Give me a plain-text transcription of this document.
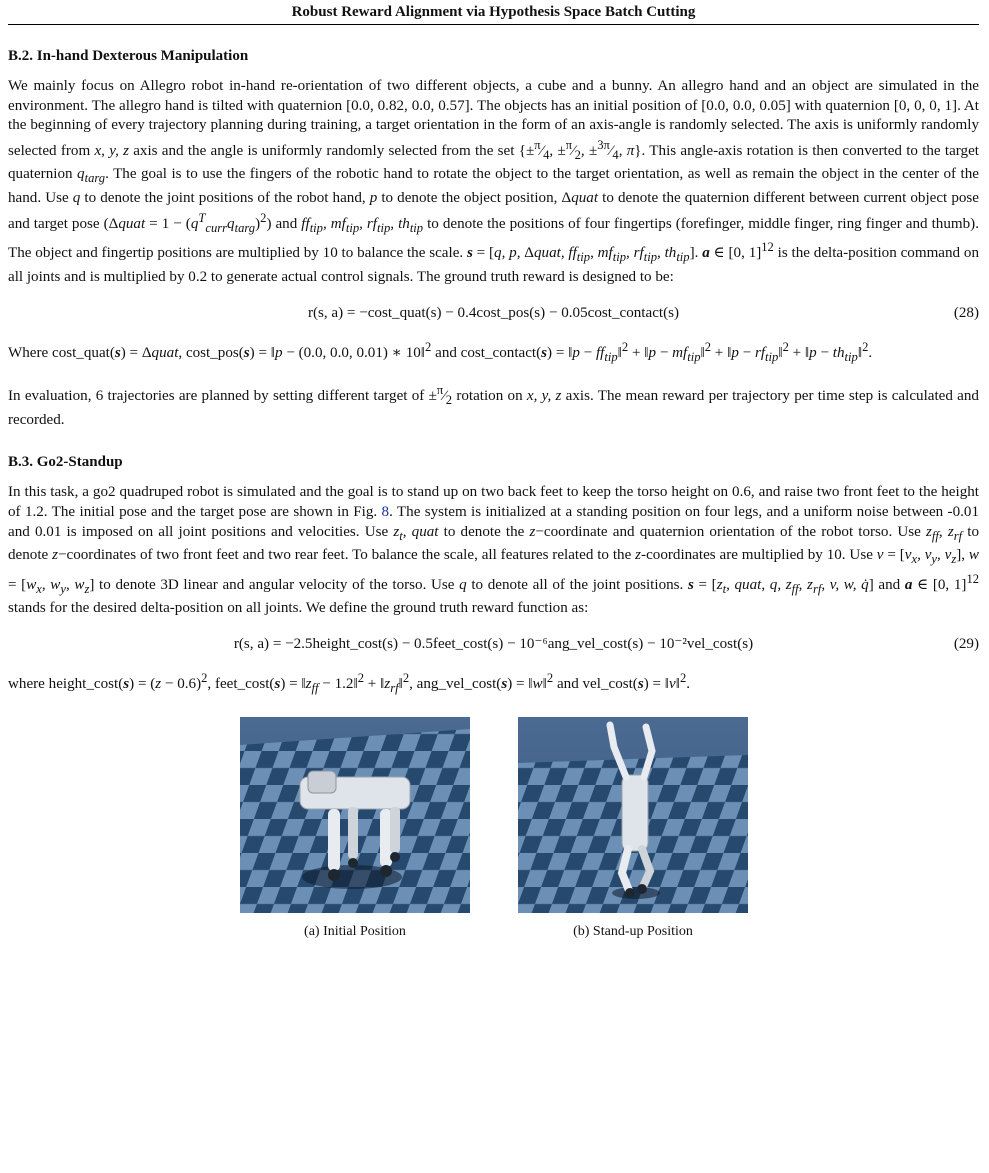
Robust Reward Alignment via Hypothesis Space Batch Cutting
B.2. In-hand Dexterous Manipulation

We mainly focus on Allegro robot in-hand re-orientation of two different objects, a cube and a bunny. An allegro hand and an object are simulated in the environment. The allegro hand is tilted with quaternion [0.0, 0.82, 0.0, 0.57]. The objects has an initial position of [0.0, 0.0, 0.05] with quaternion [0, 0, 0, 1]. At the beginning of every trajectory planning during training, a target orientation in the form of an axis-angle is randomly selected. The axis is uniformly randomly selected from x, y, z axis and the angle is uniformly randomly selected from the set {$\pm^\pi⁄_4$, $\pm^\pi⁄_2$, $\pm^{3\pi}⁄_4$, π}. This angle-axis rotation is then converted to the target quaternion $q_{targ}$. The goal is to use the fingers of the robotic hand to rotate the object to the target orientation, as well as remain the object in the center of the hand. Use q to denote the joint positions of the robot hand, p to denote the object position, Δquat to denote the quaternion different between current object pose and target pose (Δquat = $1 - (q^T_{curr}q_{targ})^2$) and $ff_{tip}$, $mf_{tip}$, $rf_{tip}$, $th_{tip}$ to denote the positions of four fingertips (forefinger, middle finger, ring finger and thumb). The object and fingertip positions are multiplied by 10 to balance the scale. s = [q, p, Δquat, $ff_{tip}$, $mf_{tip}$, $rf_{tip}$, $th_{tip}$]. a ∈ [0, 1]$^{12}$ is the delta-position command on all joints and is multiplied by 0.2 to generate actual control signals. The ground truth reward is designed to be:

r(s, a) = −cost_quat(s) − 0.4cost_pos(s) − 0.05cost_contact(s)	(28)

Where cost_quat(s) = Δquat, cost_pos(s) = ‖p − (0.0, 0.0, 0.01) ∗ 10‖$^2$ and cost_contact(s) = ‖p − $ff_{tip}‖^2$ + ‖p − $mf_{tip}‖^2$ + ‖p − $rf_{tip}‖^2$ + ‖p − $th_{tip}‖^2$.

In evaluation, 6 trajectories are planned by setting different target of $\pm^\pi⁄_2$ rotation on x, y, z axis. The mean reward per trajectory per time step is calculated and recorded.

B.3. Go2-Standup

In this task, a go2 quadruped robot is simulated and the goal is to stand up on two back feet to keep the torso height on 0.6, and raise two front feet to the height of 1.2. The initial pose and the target pose are shown in Fig. 8. The system is initialized at a standing position on four legs, and a uniform noise between -0.01 and 0.01 is imposed on all joint positions and velocities. Use $z_t$, quat to denote the z−coordinate and quaternion orientation of the robot torso. Use $z_{ff}$, $z_{rf}$ to denote z−coordinates of two front feet and two rear feet. To balance the scale, all features related to the z-coordinates are multiplied by 10. Use $v = [v_x$, $v_y$, $v_z$], $w = [w_x$, $w_y$, $w_z$] to denote 3D linear and angular velocity of the torso. Use q to denote all of the joint positions. $s = [z_t$, quat, q, $z_{ff}$, $z_{rf}$, v, w, q̇] and a ∈ [0, 1]$^{12}$ stands for the desired delta-position on all joints. We define the ground truth reward function as:

r(s, a) = −2.5height_cost(s) − 0.5feet_cost(s) − 10⁻⁶ang_vel_cost(s) − 10⁻²vel_cost(s)	(29)

where height_cost(s) = $(z - 0.6)^2$, feet_cost(s) = $‖z_{ff}$ − 1.2‖$^2$ + $‖z_{rf}‖^2$, ang_vel_cost(s) = ‖w‖$^2$ and vel_cost(s) = ‖v‖$^2$.

(a) Initial Position	(b) Stand-up Position
